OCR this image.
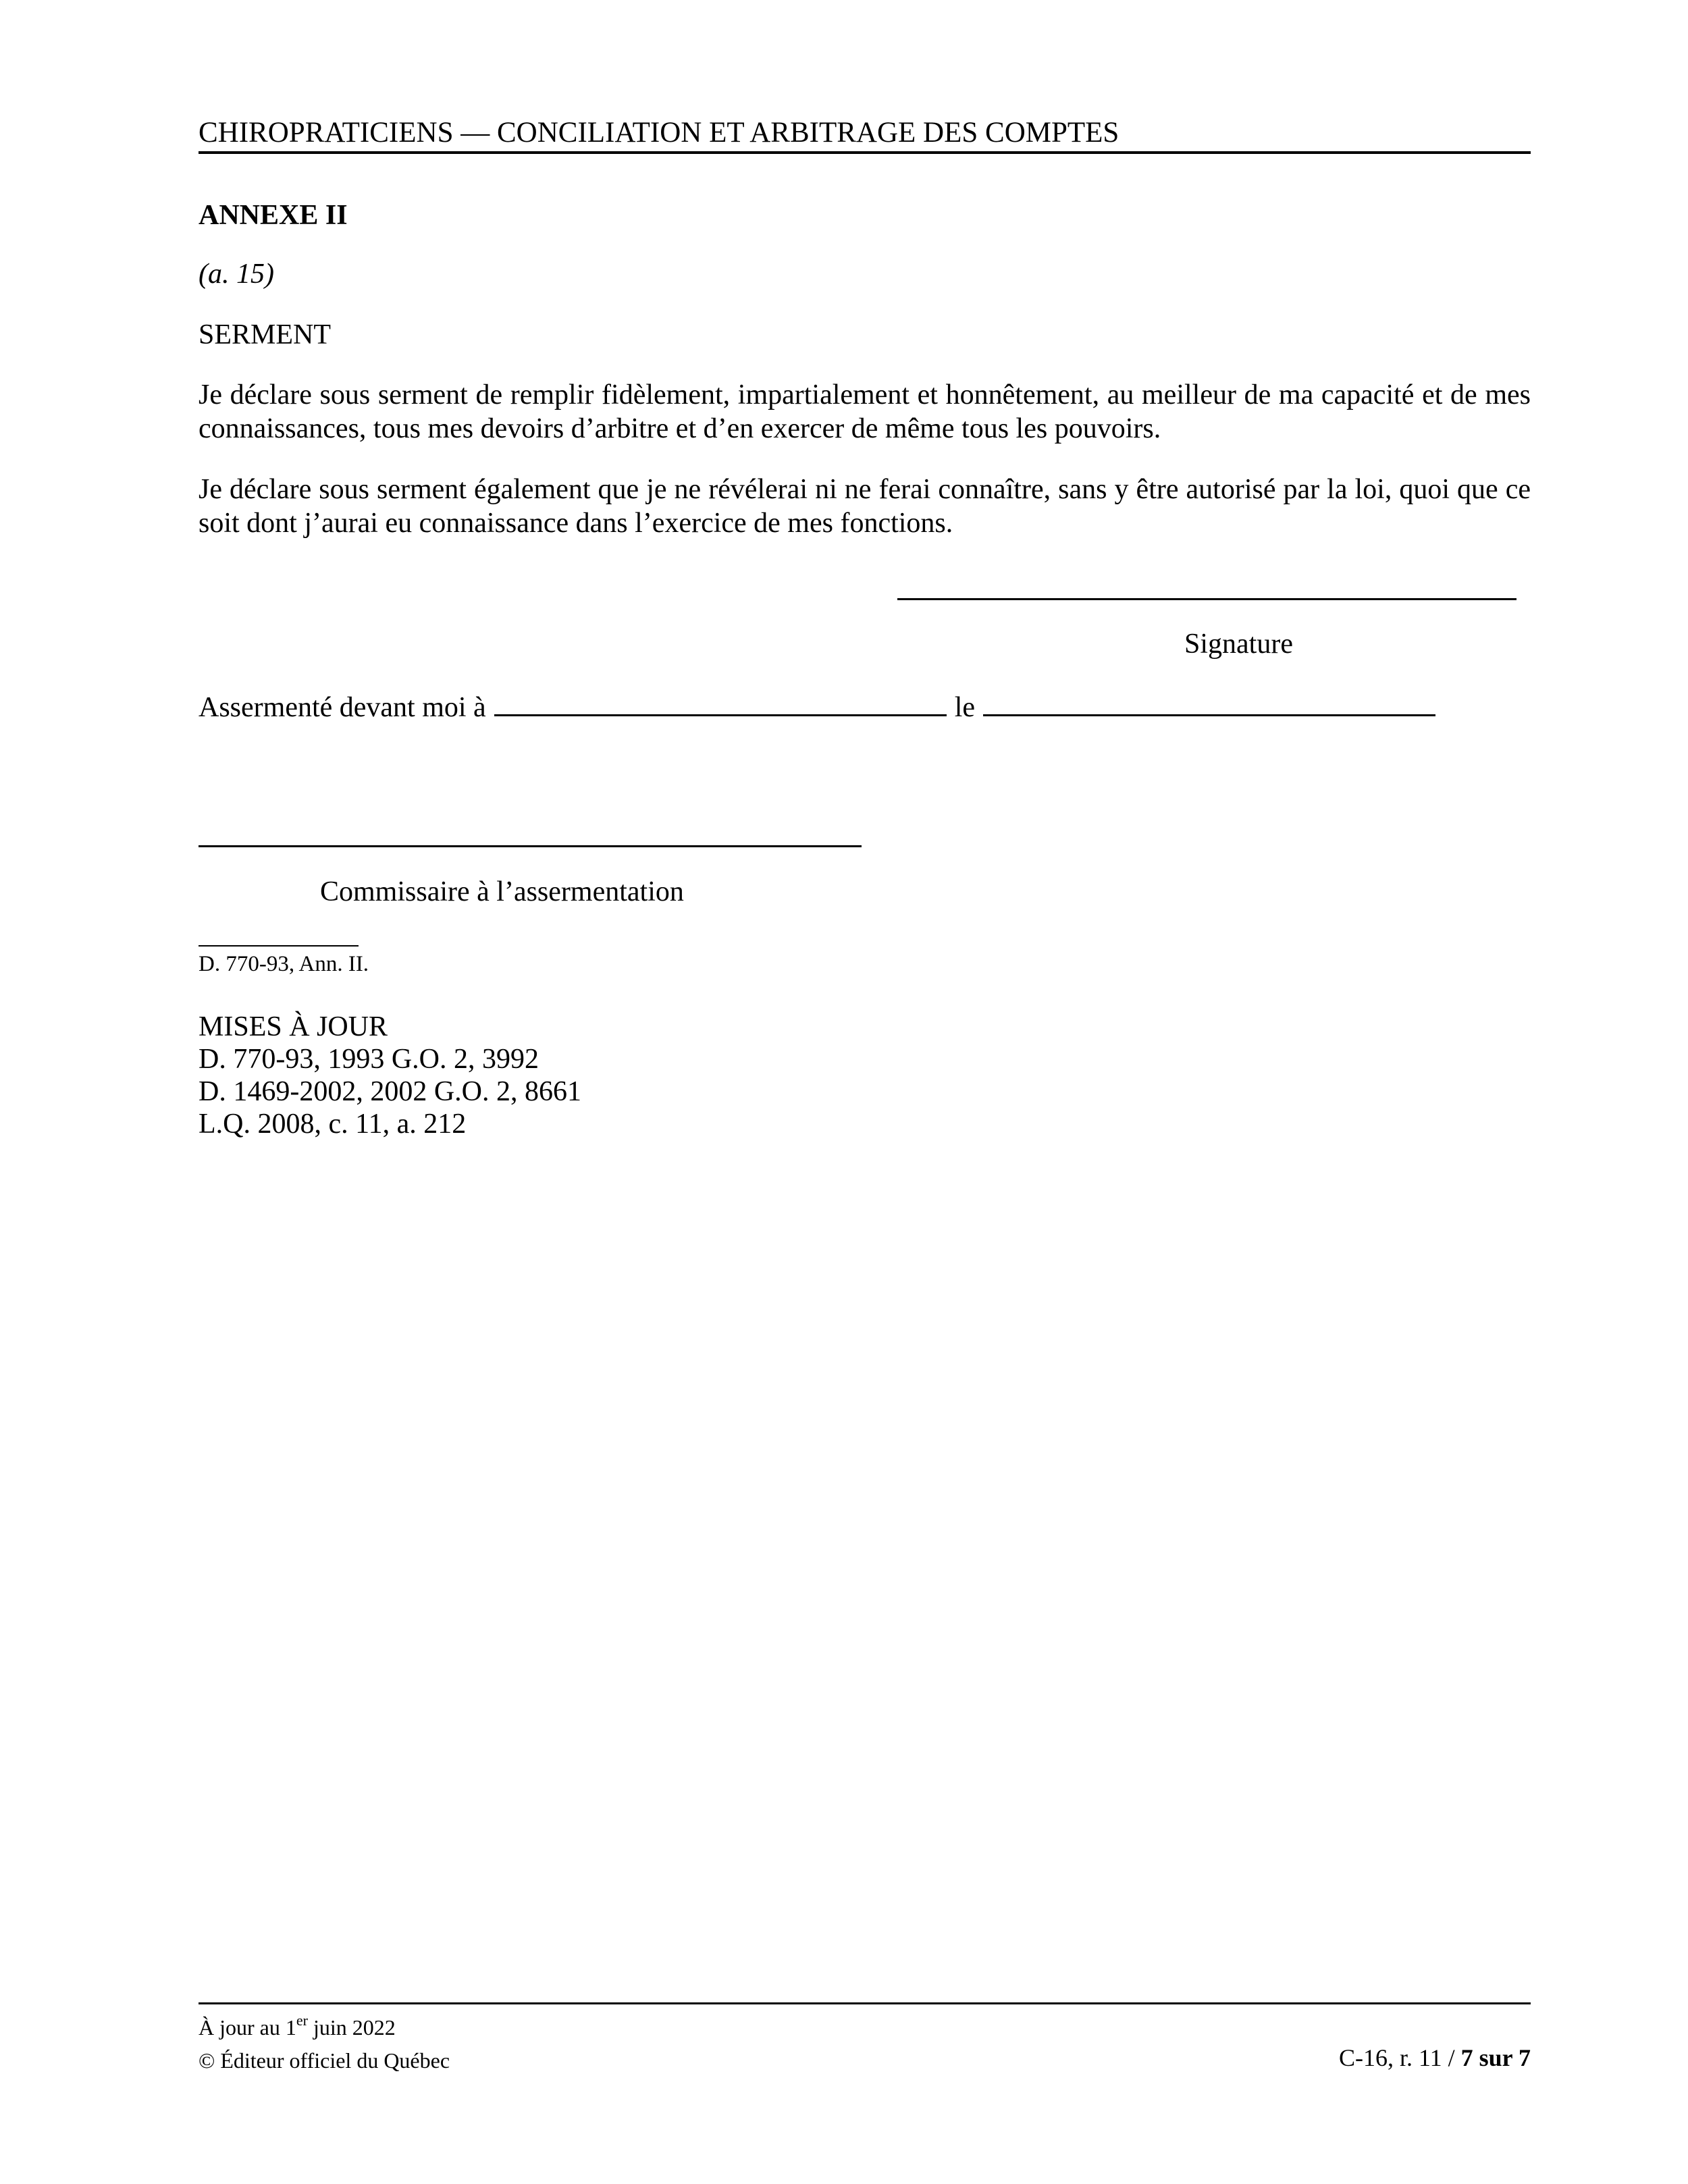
CHIROPRATICIENS — CONCILIATION ET ARBITRAGE DES COMPTES
ANNEXE II
(a. 15)
SERMENT
Je déclare sous serment de remplir fidèlement, impartialement et honnêtement, au meilleur de ma capacité et de mes connaissances, tous mes devoirs d’arbitre et d’en exercer de même tous les pouvoirs.
Je déclare sous serment également que je ne révélerai ni ne ferai connaître, sans y être autorisé par la loi, quoi que ce soit dont j’aurai eu connaissance dans l’exercice de mes fonctions.
Signature
Assermenté devant moi à	le
Commissaire à l’assermentation
D. 770-93, Ann. II.
MISES À JOUR
D. 770-93, 1993 G.O. 2, 3992
D. 1469-2002, 2002 G.O. 2, 8661
L.Q. 2008, c. 11, a. 212
À jour au 1er juin 2022
© Éditeur officiel du Québec	C-16, r. 11 / 7 sur 7
